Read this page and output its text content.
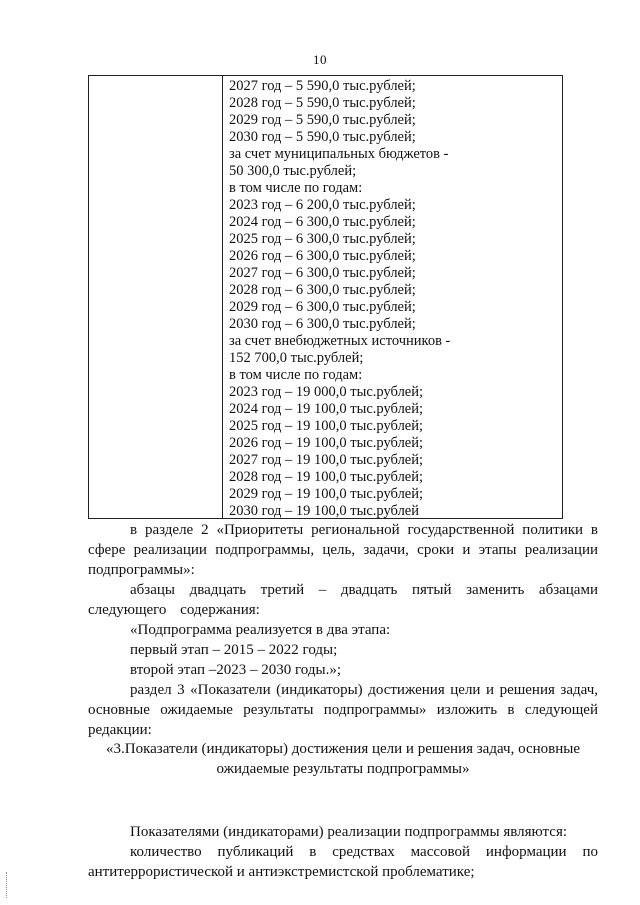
10
2027 год – 5 590,0 тыс.рублей;
2028 год – 5 590,0 тыс.рублей;
2029 год – 5 590,0 тыс.рублей;
2030 год – 5 590,0 тыс.рублей;
за счет муниципальных бюджетов -
50 300,0 тыс.рублей;
в том числе по годам:
2023 год – 6 200,0 тыс.рублей;
2024 год – 6 300,0 тыс.рублей;
2025 год – 6 300,0 тыс.рублей;
2026 год – 6 300,0 тыс.рублей;
2027 год – 6 300,0 тыс.рублей;
2028 год – 6 300,0 тыс.рублей;
2029 год – 6 300,0 тыс.рублей;
2030 год – 6 300,0 тыс.рублей;
за счет внебюджетных источников -
152 700,0 тыс.рублей;
в том числе по годам:
2023 год – 19 000,0 тыс.рублей;
2024 год – 19 100,0 тыс.рублей;
2025 год – 19 100,0 тыс.рублей;
2026 год – 19 100,0 тыс.рублей;
2027 год – 19 100,0 тыс.рублей;
2028 год – 19 100,0 тыс.рублей;
2029 год – 19 100,0 тыс.рублей;
2030 год – 19 100,0 тыс.рублей

в разделе 2 «Приоритеты региональной государственной политики в сфере реализации подпрограммы, цель, задачи, сроки и этапы реализации подпрограммы»:

абзацы двадцать третий – двадцать пятый заменить абзацами следующего содержания:

«Подпрограмма реализуется в два этапа:

первый этап – 2015 – 2022 годы;

второй этап –2023 – 2030 годы.»;

раздел 3 «Показатели (индикаторы) достижения цели и решения задач, основные ожидаемые результаты подпрограммы» изложить в следующей редакции:

«3.Показатели (индикаторы) достижения цели и решения задач, основные
ожидаемые результаты подпрограммы»

Показателями (индикаторами) реализации подпрограммы являются:

количество публикаций в средствах массовой информации по антитеррористической и антиэкстремистской проблематике;
